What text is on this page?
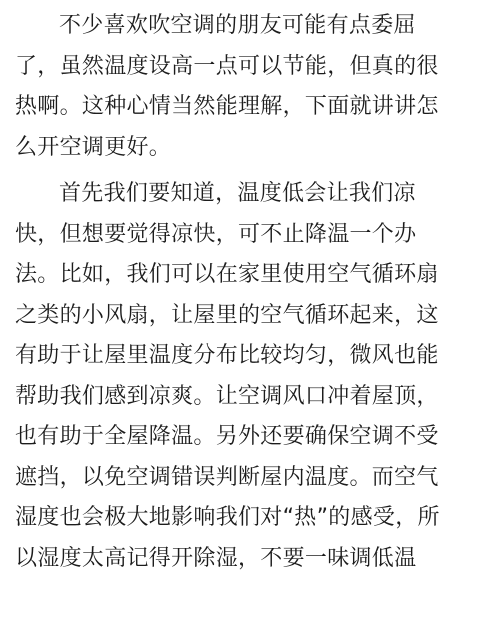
不少喜欢吹空调的朋友可能有点委屈
了，虽然温度设高一点可以节能，但真的很
热啊。这种心情当然能理解，下面就讲讲怎
么开空调更好。
首先我们要知道，温度低会让我们凉
快，但想要觉得凉快，可不止降温一个办
法。比如，我们可以在家里使用空气循环扇
之类的小风扇，让屋里的空气循环起来，这
有助于让屋里温度分布比较均匀，微风也能
帮助我们感到凉爽。让空调风口冲着屋顶，
也有助于全屋降温。另外还要确保空调不受
遮挡，以免空调错误判断屋内温度。而空气
湿度也会极大地影响我们对“热”的感受，所
以湿度太高记得开除湿，不要一味调低温
